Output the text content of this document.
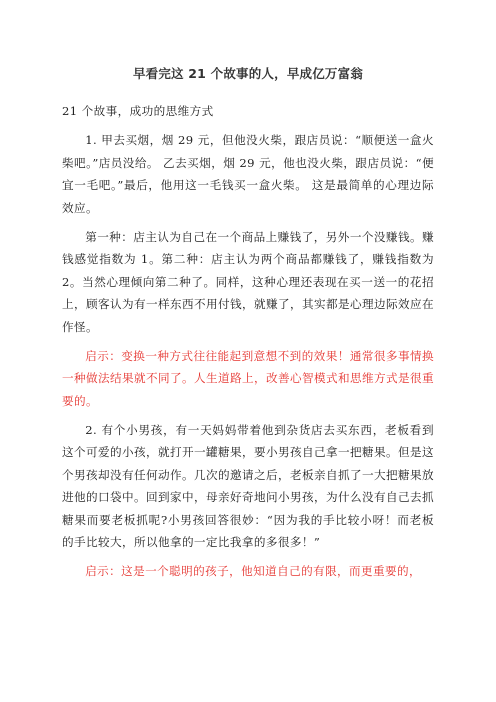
早看完这 21 个故事的人，早成亿万富翁

21 个故事，成功的思维方式

1. 甲去买烟，烟 29 元，但他没火柴，跟店员说：“顺便送一盒火柴吧。”店员没给。 乙去买烟，烟 29 元，他也没火柴，跟店员说：“便宜一毛吧。”最后，他用这一毛钱买一盒火柴。 这是最简单的心理边际效应。

第一种：店主认为自己在一个商品上赚钱了，另外一个没赚钱。赚钱感觉指数为 1。第二种：店主认为两个商品都赚钱了，赚钱指数为 2。当然心理倾向第二种了。同样，这种心理还表现在买一送一的花招上，顾客认为有一样东西不用付钱，就赚了，其实都是心理边际效应在作怪。

启示：变换一种方式往往能起到意想不到的效果！通常很多事情换一种做法结果就不同了。人生道路上，改善心智模式和思维方式是很重要的。

2. 有个小男孩，有一天妈妈带着他到杂货店去买东西，老板看到这个可爱的小孩，就打开一罐糖果，要小男孩自己拿一把糖果。但是这个男孩却没有任何动作。几次的邀请之后，老板亲自抓了一大把糖果放进他的口袋中。回到家中，母亲好奇地问小男孩，为什么没有自己去抓糖果而要老板抓呢?小男孩回答很妙：“因为我的手比较小呀！而老板的手比较大，所以他拿的一定比我拿的多很多！”

启示：这是一个聪明的孩子，他知道自己的有限，而更重要的，
